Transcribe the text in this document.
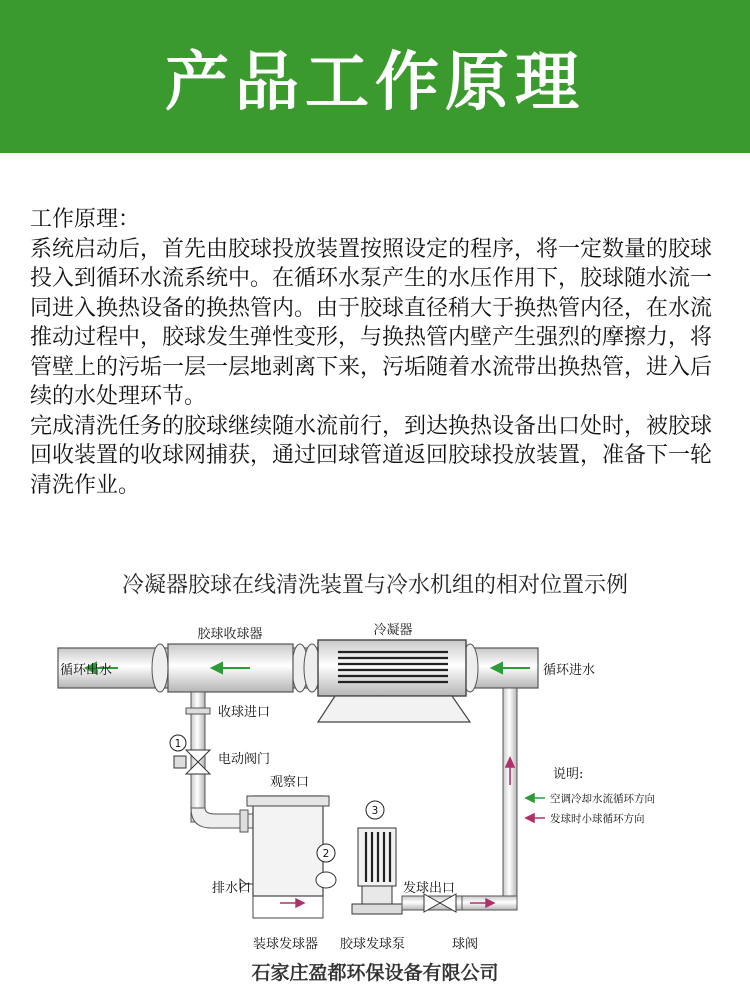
产品工作原理

工作原理：

系统启动后，首先由胶球投放装置按照设定的程序，将一定数量的胶球投入到循环水流系统中。在循环水泵产生的水压作用下，胶球随水流一同进入换热设备的换热管内。由于胶球直径稍大于换热管内径，在水流推动过程中，胶球发生弹性变形，与换热管内壁产生强烈的摩擦力，将管壁上的污垢一层一层地剥离下来，污垢随着水流带出换热管，进入后续的水处理环节。

完成清洗任务的胶球继续随水流前行，到达换热设备出口处时，被胶球回收装置的收球网捕获，通过回球管道返回胶球投放装置，准备下一轮清洗作业。

冷凝器胶球在线清洗装置与冷水机组的相对位置示例
1
2
3
胶球收球器	冷凝器
循环出水	循环进水
收球进口
电动阀门
观察口
排水口	发球出口
装球发球器 胶球发球泵	球阀
说明:
空调冷却水流循环方向
发球时小球循环方向
石家庄盈都环保设备有限公司
